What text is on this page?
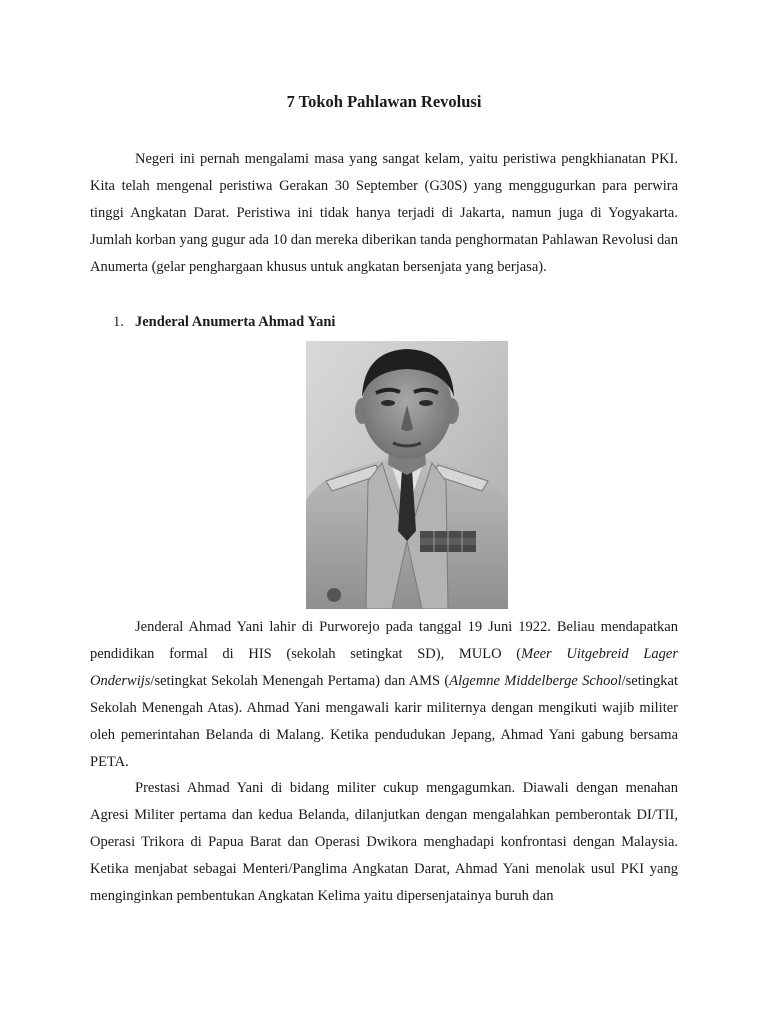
7 Tokoh Pahlawan Revolusi

Negeri ini pernah mengalami masa yang sangat kelam, yaitu peristiwa pengkhianatan PKI. Kita telah mengenal peristiwa Gerakan 30 September (G30S) yang menggugurkan para perwira tinggi Angkatan Darat. Peristiwa ini tidak hanya terjadi di Jakarta, namun juga di Yogyakarta. Jumlah korban yang gugur ada 10 dan mereka diberikan tanda penghormatan Pahlawan Revolusi dan Anumerta (gelar penghargaan khusus untuk angkatan bersenjata yang berjasa).

1. Jenderal Anumerta Ahmad Yani

Jenderal Ahmad Yani lahir di Purworejo pada tanggal 19 Juni 1922. Beliau mendapatkan pendidikan formal di HIS (sekolah setingkat SD), MULO (Meer Uitgebreid Lager Onderwijs/setingkat Sekolah Menengah Pertama) dan AMS (Algemne Middelberge School/setingkat Sekolah Menengah Atas). Ahmad Yani mengawali karir militernya dengan mengikuti wajib militer oleh pemerintahan Belanda di Malang. Ketika pendudukan Jepang, Ahmad Yani gabung bersama PETA.

Prestasi Ahmad Yani di bidang militer cukup mengagumkan. Diawali dengan menahan Agresi Militer pertama dan kedua Belanda, dilanjutkan dengan mengalahkan pemberontak DI/TII, Operasi Trikora di Papua Barat dan Operasi Dwikora menghadapi konfrontasi dengan Malaysia. Ketika menjabat sebagai Menteri/Panglima Angkatan Darat, Ahmad Yani menolak usul PKI yang menginginkan pembentukan Angkatan Kelima yaitu dipersenjatainya buruh dan
